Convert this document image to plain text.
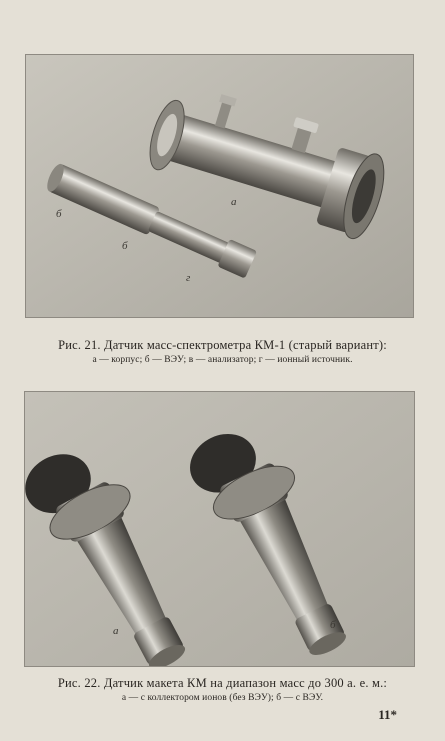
б
б
г
а
Рис. 21. Датчик масс-спектрометра КМ-1 (старый вариант):
а — корпус; б — ВЭУ; в — анализатор; г — ионный источник.
а	б
Рис. 22. Датчик макета КМ на диапазон масс до 300 а. е. м.:
а — с коллектором ионов (без ВЭУ); б — с ВЭУ.
11*
